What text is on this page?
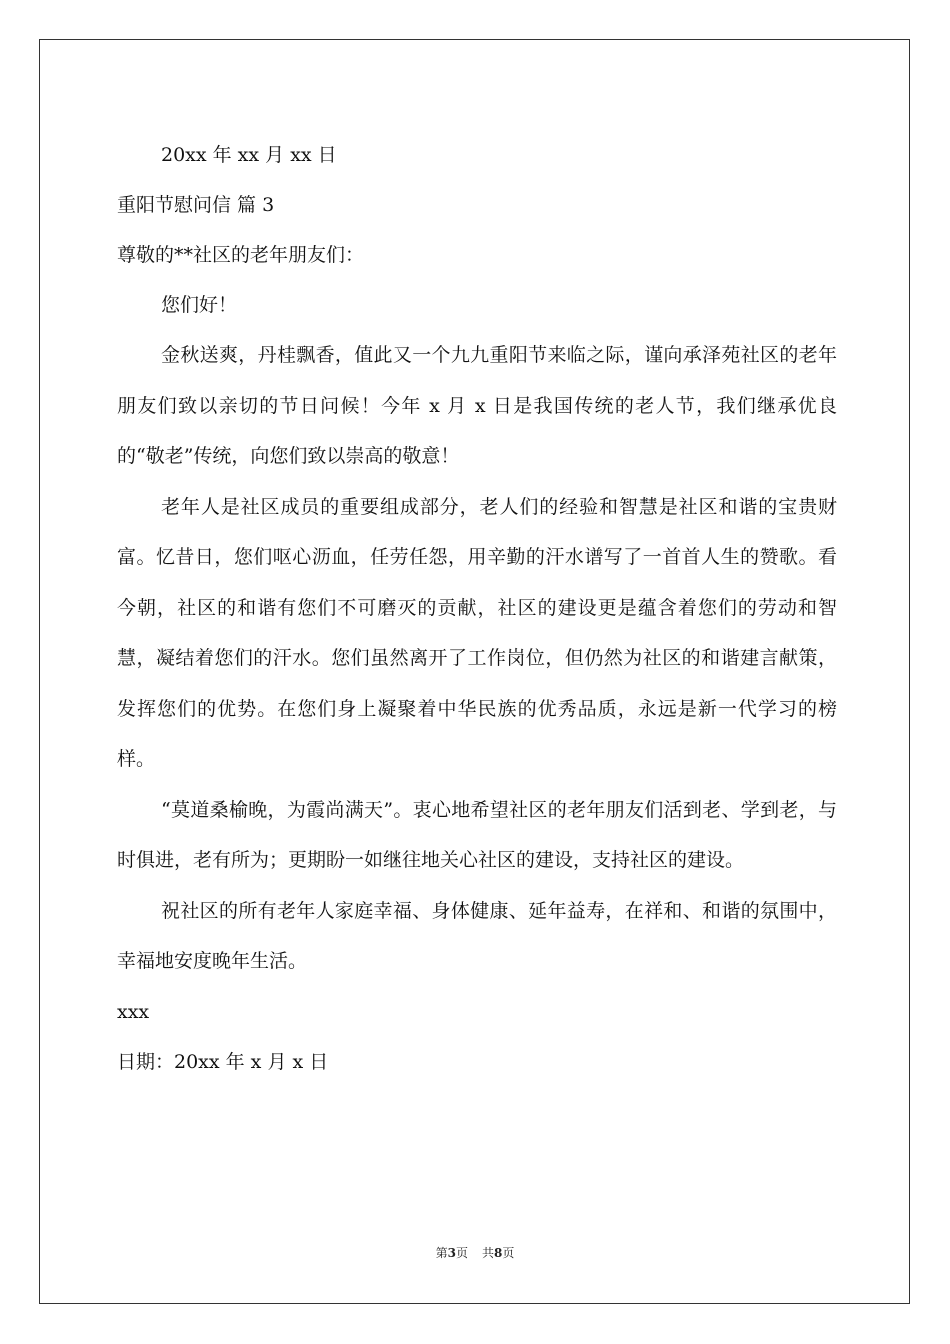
20xx 年 xx 月 xx 日

重阳节慰问信 篇 3

尊敬的**社区的老年朋友们：

您们好！

金秋送爽，丹桂飘香，值此又一个九九重阳节来临之际，谨向承泽苑社区的老年朋友们致以亲切的节日问候！今年 x 月 x 日是我国传统的老人节，我们继承优良的“敬老”传统，向您们致以崇高的敬意！

老年人是社区成员的重要组成部分，老人们的经验和智慧是社区和谐的宝贵财富。忆昔日，您们呕心沥血，任劳任怨，用辛勤的汗水谱写了一首首人生的赞歌。看今朝，社区的和谐有您们不可磨灭的贡献，社区的建设更是蕴含着您们的劳动和智慧，凝结着您们的汗水。您们虽然离开了工作岗位，但仍然为社区的和谐建言献策，发挥您们的优势。在您们身上凝聚着中华民族的优秀品质，永远是新一代学习的榜样。

“莫道桑榆晚，为霞尚满天”。衷心地希望社区的老年朋友们活到老、学到老，与时俱进，老有所为；更期盼一如继往地关心社区的建设，支持社区的建设。

祝社区的所有老年人家庭幸福、身体健康、延年益寿，在祥和、和谐的氛围中，幸福地安度晚年生活。

xxx

日期：20xx 年 x 月 x 日

第3页 共8页
